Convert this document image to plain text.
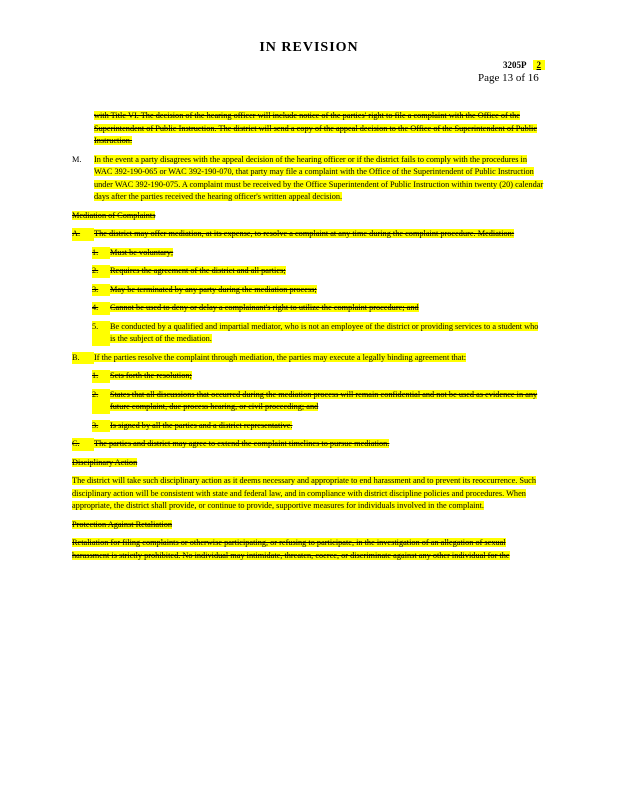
IN REVISION
3205P 2
Page 13 of 16
with Title VI. The decision of the hearing officer will include notice of the parties' right to file a complaint with the Office of the Superintendent of Public Instruction. The district will send a copy of the appeal decision to the Office of the Superintendent of Public Instruction.
M.	In the event a party disagrees with the appeal decision of the hearing officer or if the district fails to comply with the procedures in WAC 392-190-065 or WAC 392-190-070, that party may file a complaint with the Office of the Superintendent of Public Instruction under WAC 392-190-075. A complaint must be received by the Office Superintendent of Public Instruction within twenty (20) calendar days after the parties received the hearing officer's written appeal decision.
Mediation of Complaints
A.	The district may offer mediation, at its expense, to resolve a complaint at any time during the complaint procedure. Mediation:
1.	Must be voluntary;
2.	Requires the agreement of the district and all parties;
3.	May be terminated by any party during the mediation process;
4.	Cannot be used to deny or delay a complainant's right to utilize the complaint procedure; and
5.	Be conducted by a qualified and impartial mediator, who is not an employee of the district or providing services to a student who is the subject of the mediation.
B.	If the parties resolve the complaint through mediation, the parties may execute a legally binding agreement that:
1.	Sets forth the resolution;
2.	States that all discussions that occurred during the mediation process will remain confidential and not be used as evidence in any future complaint, due process hearing, or civil proceeding; and
3.	Is signed by all the parties and a district representative.
C.	The parties and district may agree to extend the complaint timelines to pursue mediation.
Disciplinary Action
The district will take such disciplinary action as it deems necessary and appropriate to end harassment and to prevent its reoccurrence. Such disciplinary action will be consistent with state and federal law, and in compliance with district discipline policies and procedures. When appropriate, the district shall provide, or continue to provide, supportive measures for individuals involved in the complaint.
Protection Against Retaliation
Retaliation for filing complaints or otherwise participating, or refusing to participate, in the investigation of an allegation of sexual harassment is strictly prohibited. No individual may intimidate, threaten, coerce, or discriminate against any other individual for the
